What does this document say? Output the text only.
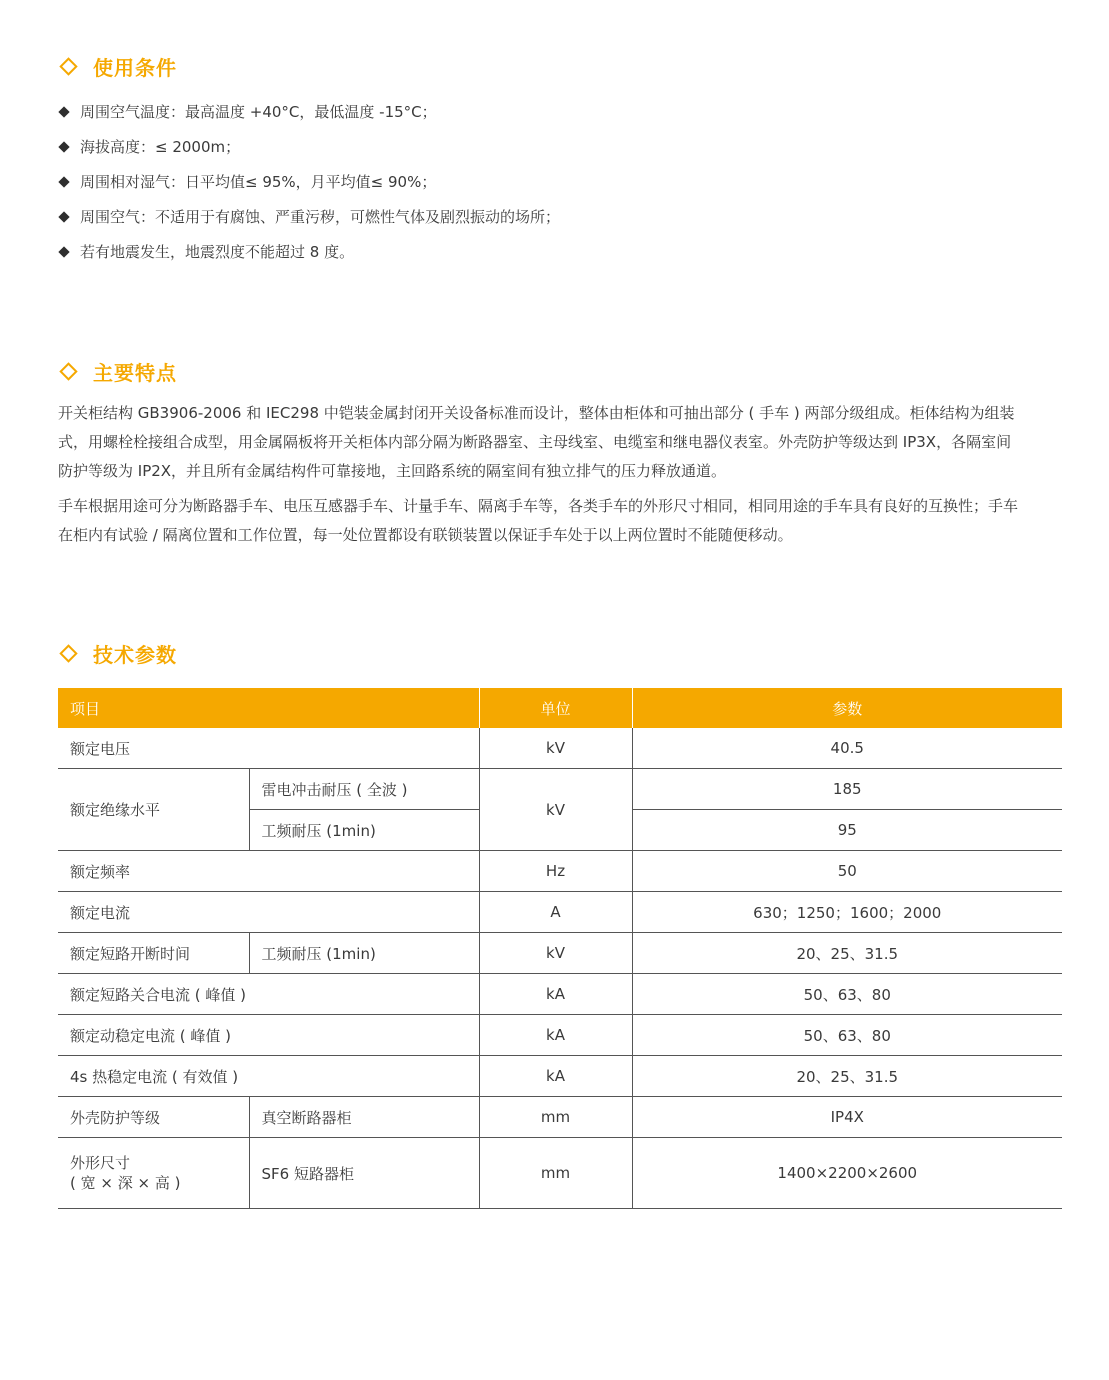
使用条件
周围空气温度：最高温度 +40°C，最低温度 -15°C；
海拔高度：≤ 2000m；
周围相对湿气：日平均值≤ 95%，月平均值≤ 90%；
周围空气：不适用于有腐蚀、严重污秽，可燃性气体及剧烈振动的场所；
若有地震发生，地震烈度不能超过 8 度。
主要特点

开关柜结构 GB3906-2006 和 IEC298 中铠装金属封闭开关设备标准而设计，整体由柜体和可抽出部分 ( 手车 ) 两部分级组成。柜体结构为组装式，用螺栓栓接组合成型，用金属隔板将开关柜体内部分隔为断路器室、主母线室、电缆室和继电器仪表室。外壳防护等级达到 IP3X，各隔室间防护等级为 IP2X，并且所有金属结构件可靠接地，主回路系统的隔室间有独立排气的压力释放通道。

手车根据用途可分为断路器手车、电压互感器手车、计量手车、隔离手车等，各类手车的外形尺寸相同，相同用途的手车具有良好的互换性；手车在柜内有试验 / 隔离位置和工作位置，每一处位置都设有联锁装置以保证手车处于以上两位置时不能随便移动。

技术参数
项目		单位	参数
额定电压		kV	40.5
额定绝缘水平	雷电冲击耐压 ( 全波 )	kV	185
	工频耐压 (1min)		95
额定频率		Hz	50
额定电流		A	630；1250；1600；2000
额定短路开断时间	工频耐压 (1min)	kV	20、25、31.5
额定短路关合电流 ( 峰值 )		kA	50、63、80
额定动稳定电流 ( 峰值 )		kA	50、63、80
4s 热稳定电流 ( 有效值 )		kA	20、25、31.5
外壳防护等级	真空断路器柜	mm	IP4X

外形尺寸
( 宽 × 深 × 高 )	SF6 短路器柜	mm	1400×2200×2600
